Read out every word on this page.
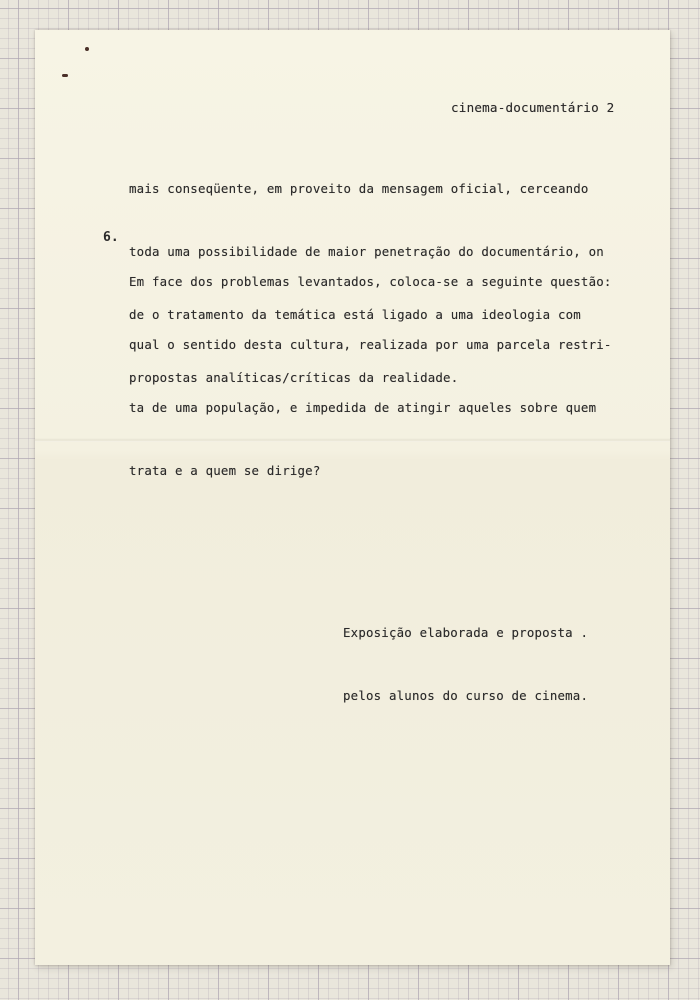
cinema-documentário 2

mais conseqüente, em proveito da mensagem oficial, cerceando

toda uma possibilidade de maior penetração do documentário, on

de o tratamento da temática está ligado a uma ideologia com

propostas analíticas/críticas da realidade.

6.

Em face dos problemas levantados, coloca-se a seguinte questão:

qual o sentido desta cultura, realizada por uma parcela restri-

ta de uma população, e impedida de atingir aqueles sobre quem

trata e a quem se dirige?

Exposição elaborada e proposta .

pelos alunos do curso de cinema.
